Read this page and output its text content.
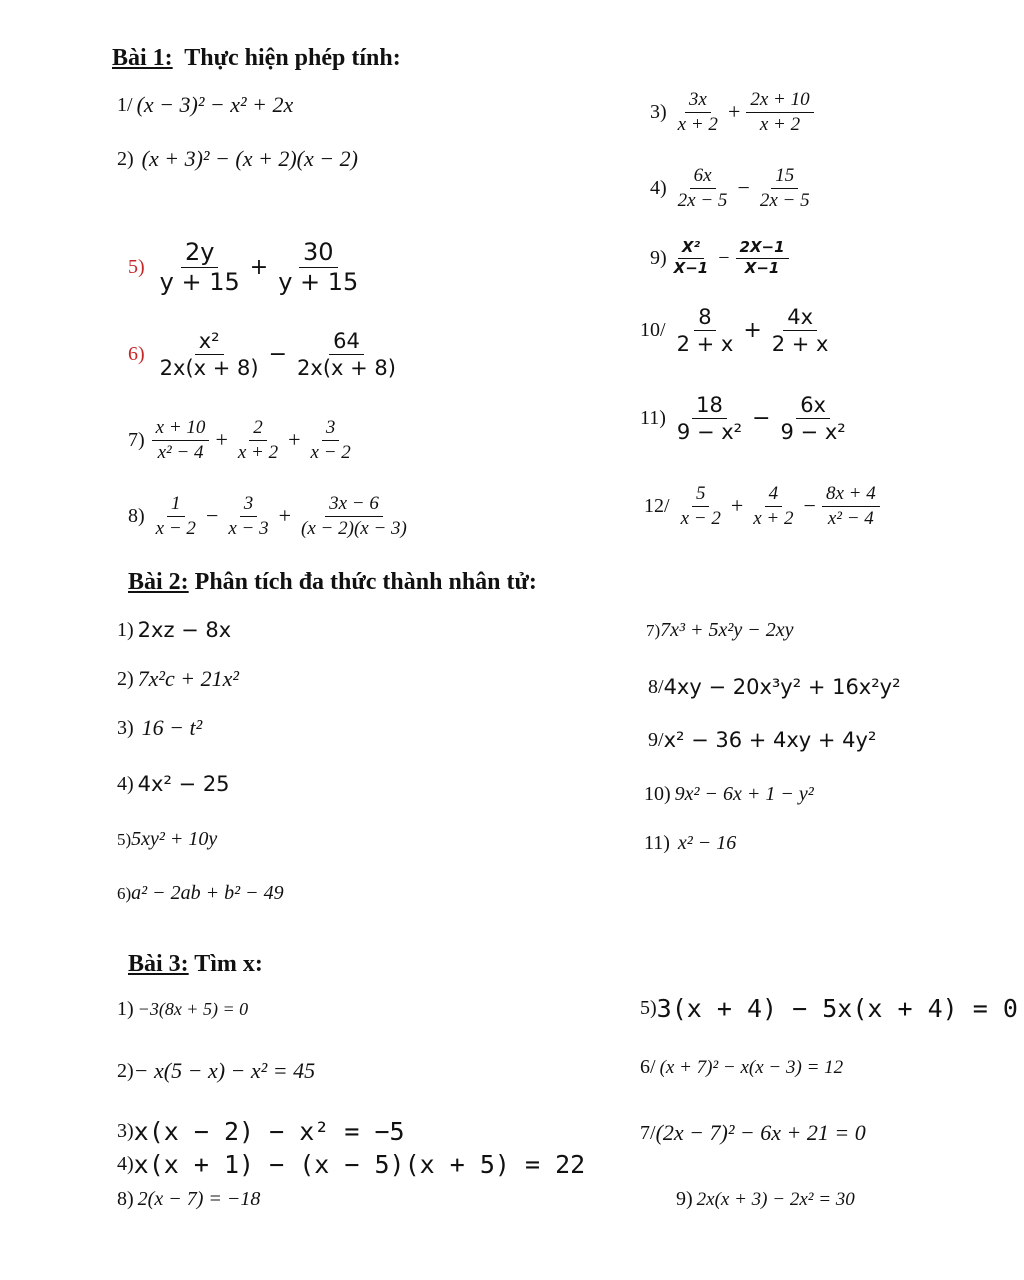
Bài 1: Thực hiện phép tính:
1/
(x − 3)² − x² + 2x
2)
(x + 3)² − (x + 2)(x − 2)
3)
$\frac{3x}{x + 2} + \frac{2x + 10}{x + 2}$
4)
$\frac{6x}{2x - 5} - \frac{15}{2x - 5}$
5)
$\frac{2y}{y + 15} + \frac{30}{y + 15}$	$9) \frac{\text{X²}}{X-1} - \frac{2X-1}{X-1}$
6)
$\frac{\text{x²}}{2x(x + 8)} - \frac{64}{2x(x + 8)}$	10/
$\frac{8}{2 + x} + \frac{4x}{2 + x}$
7)
$\frac{x + 10}{\text{x² − 4}} + \frac{2}{x + 2} + \frac{3}{x - 2}$	11)
$\frac{18}{\text{9 − x²}} - \frac{6x}{\text{9 − x²}}$
8)
$\frac{1}{x - 2} - \frac{3}{x - 3} + \frac{3x - 6}{(x - 2)(x - 3)}$	12/
$\frac{5}{x - 2} + \frac{4}{x + 2} - \frac{8x + 4}{\text{x² − 4}}$
Bài 2: Phân tích đa thức thành nhân tử:
1)
2xz − 8x
2)
7x²c + 21x²
3)
16 − t²
4)
4x² − 25
5) 5xy² + 10y
6) a² − 2ab + b² − 49
7) 7x³ + 5x²y − 2xy
8/ 4xy − 20x³y² + 16x²y²
9/ x² − 36 + 4xy + 4y²
10)
9x² − 6x + 1 − y²
11)
x² − 16
Bài 3: Tìm x:
1)
−3(8x + 5) = 0
2) − x(5 − x) − x² = 45
3) x(x − 2) − x² = −5
4) x(x + 1) − (x − 5)(x + 5) = 22
8)
2(x − 7) = −18
5) 3(x + 4) − 5x(x + 4) = 0
6/
(x + 7)² − x(x − 3) = 12
7/ (2x − 7)² − 6x + 21 = 0
9)
2x(x + 3) − 2x² = 30
